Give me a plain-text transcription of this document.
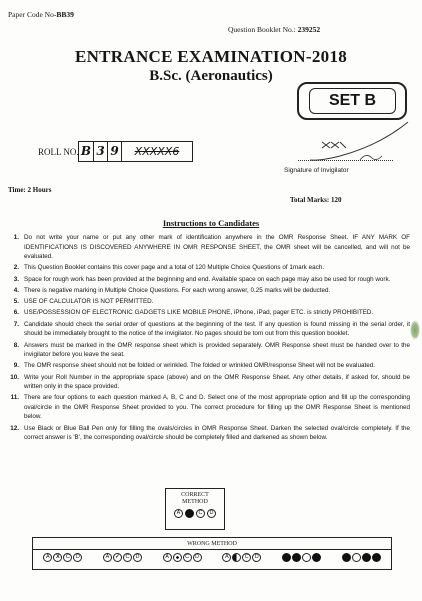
Paper Code No-BB39
Question Booklet No.: 239252
ENTRANCE EXAMINATION-2018
B.Sc. (Aeronautics)
SET B
ROLL NO. B 3 9	XXXXX6
Signature of Invigilator
Time: 2 Hours
Total Marks: 120
Instructions to Candidates
1. Do not write your name or put any other mark of identification anywhere in the OMR Response Sheet. IF ANY MARK OF IDENTIFICATIONS IS DISCOVERED ANYWHERE IN OMR RESPONSE SHEET, the OMR sheet will be cancelled, and will not be evaluated.
2. This Question Booklet contains this cover page and a total of 120 Multiple Choice Questions of 1mark each.
3. Space for rough work has been provided at the beginning and end. Available space on each page may also be used for rough work.
4. There is negative marking in Multiple Choice Questions. For each wrong answer, 0.25 marks will be deducted.
5. USE OF CALCULATOR IS NOT PERMITTED.
6. USE/POSSESSION OF ELECTRONIC GADGETS LIKE MOBILE PHONE, iPhone, iPad, pager ETC. is strictly PROHIBITED.
7. Candidate should check the serial order of questions at the beginning of the test. If any question is found missing in the serial order, it should be immediately brought to the notice of the invigilator. No pages should be torn out from this question booklet.
8. Answers must be marked in the OMR response sheet which is provided separately. OMR Response sheet must be handed over to the invigilator before you leave the seat.
9. The OMR response sheet should not be folded or wrinkled. The folded or wrinkled OMR/response Sheet will not be evaluated.
10. Write your Roll Number in the appropriate space (above) and on the OMR Response Sheet. Any other details, if asked for, should be written only in the space provided.
11. There are four options to each question marked A, B, C and D. Select one of the most appropriate option and fill up the corresponding oval/circle in the OMR Response Sheet provided to you. The correct procedure for filling up the OMR Response Sheet is mentioned below.
12. Use Black or Blue Ball Pen only for filling the ovals/circles in OMR Response Sheet. Darken the selected oval/circle completely. If the correct answer is 'B', the corresponding oval/circle should be completely filled and darkened as shown below.
CORRECT
METHOD
A	C	D
WRONG METHOD
A	X	C	D	A	✓	C	D	A	C	D	A	C	D
